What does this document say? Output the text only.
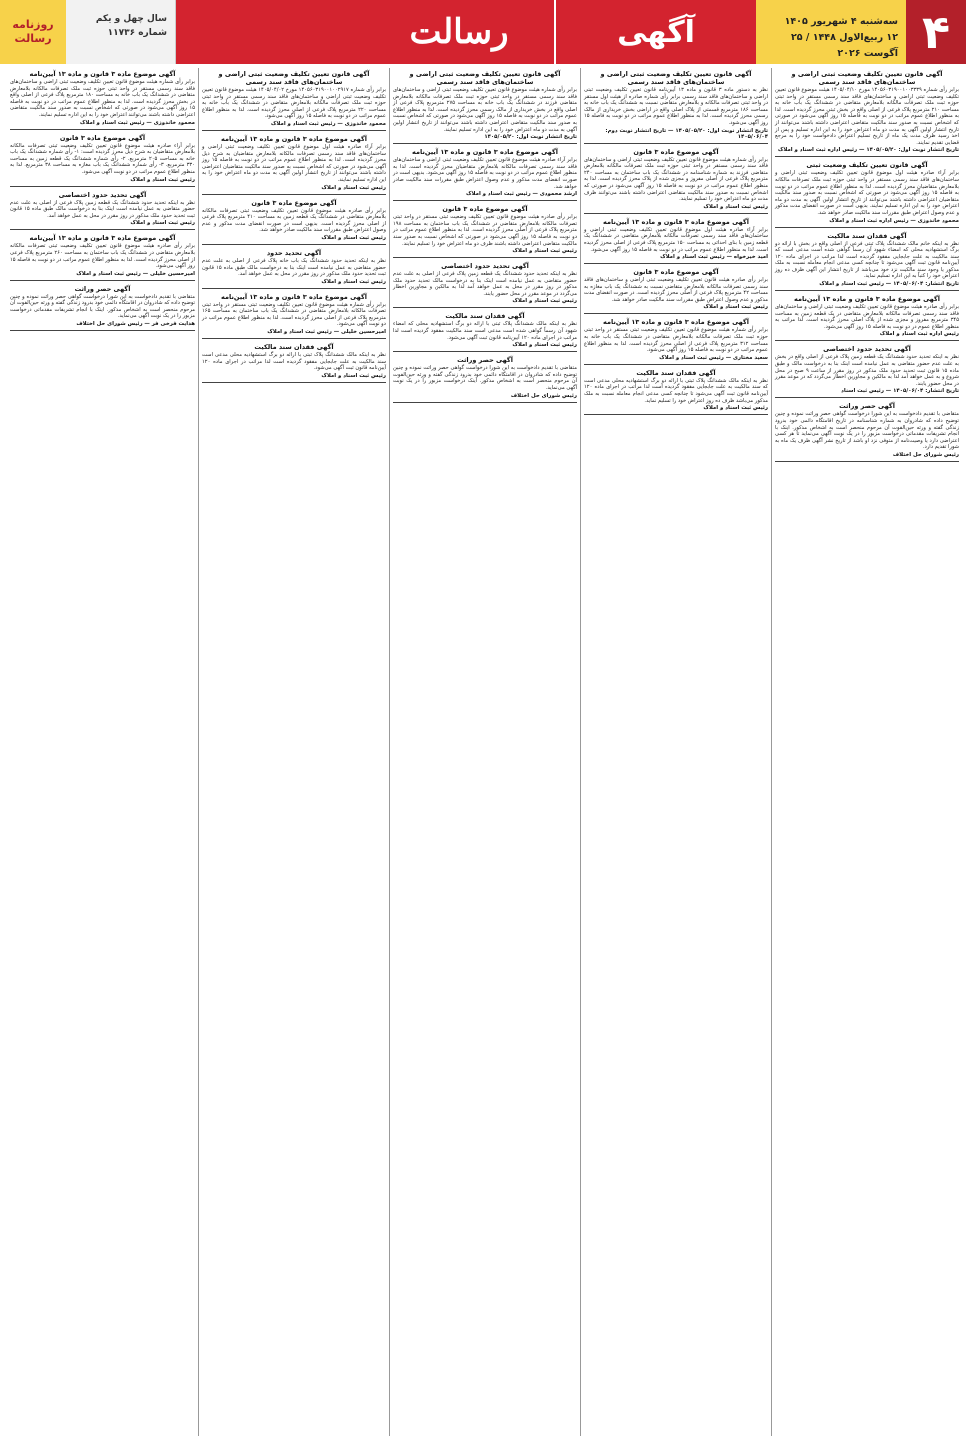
۴
سه‌شنبه ۴ شهریور ۱۴۰۵
۱۲ ربیع‌الاول ۱۴۴۸ / ۲۵ آگوست ۲۰۲۶
آگهی
رسالت
سال چهل و یکم
شماره ۱۱۷۳۶
روزنامه رسالت
آگهی قانون تعیین تکلیف وضعیت ثبتی اراضی و ساختمان‌های فاقد سند رسمی

برابر رأی شماره ۱۴۰۵۶۰۳۱۹۰۰۱۰۰۳۳۳۹ مورخ ۱۴۰۵/۰۴/۱۰ هیئت موضوع قانون تعیین تکلیف وضعیت ثبتی اراضی و ساختمان‌های فاقد سند رسمی مستقر در واحد ثبتی حوزه ثبت ملک تصرفات مالکانه بلامعارض متقاضی در ششدانگ یک باب خانه به مساحت ۲۱۰ مترمربع پلاک فرعی از اصلی واقع در بخش ثبتی محرز گردیده است. لذا به منظور اطلاع عموم مراتب در دو نوبت به فاصله ۱۵ روز آگهی می‌شود در صورتی که اشخاص نسبت به صدور سند مالکیت متقاضی اعتراضی داشته باشند می‌توانند از تاریخ انتشار اولین آگهی به مدت دو ماه اعتراض خود را به این اداره تسلیم و پس از اخذ رسید ظرف مدت یک ماه از تاریخ تسلیم اعتراض دادخواست خود را به مرجع قضایی تقدیم نمایند.

تاریخ انتشار نوبت اول: ۱۴۰۵/۰۵/۲۰ — رئیس اداره ثبت اسناد و املاک
آگهی قانون تعیین تکلیف وضعیت ثبتی

برابر آراء صادره هیئت اول موضوع قانون تعیین تکلیف وضعیت ثبتی اراضی و ساختمان‌های فاقد سند رسمی مستقر در واحد ثبتی حوزه ثبت ملک تصرفات مالکانه بلامعارض متقاضیان محرز گردیده است. لذا به منظور اطلاع عموم مراتب در دو نوبت به فاصله ۱۵ روز آگهی می‌شود در صورتی که اشخاص نسبت به صدور سند مالکیت متقاضیان اعتراضی داشته باشند می‌توانند از تاریخ انتشار اولین آگهی به مدت دو ماه اعتراض خود را به این اداره تسلیم نمایند. بدیهی است در صورت انقضای مدت مذکور و عدم وصول اعتراض طبق مقررات سند مالکیت صادر خواهد شد.

محمود خاندوزی — رئیس اداره ثبت اسناد و املاک
آگهی فقدان سند مالکیت

نظر به اینکه خانم مالک ششدانگ پلاک ثبتی فرعی از اصلی واقع در بخش با ارائه دو برگ استشهادیه محلی که امضاء شهود آن رسماً گواهی شده است مدعی است که سند مالکیت به علت جابجایی مفقود گردیده است لذا مراتب در اجرای ماده ۱۲۰ آیین‌نامه قانون ثبت آگهی می‌شود تا چنانچه کسی مدعی انجام معامله نسبت به ملک مذکور یا وجود سند مالکیت نزد خود می‌باشد از تاریخ انتشار این آگهی ظرف ده روز اعتراض خود را کتباً به این اداره تسلیم نماید.

تاریخ انتشار: ۱۴۰۵/۰۶/۰۴ — رئیس ثبت اسناد و املاک
آگهی موضوع ماده ۳ قانون و ماده ۱۳ آیین‌نامه

برابر رأی صادره هیئت موضوع قانون تعیین تکلیف وضعیت ثبتی اراضی و ساختمان‌های فاقد سند رسمی تصرفات مالکانه بلامعارض متقاضی در یک قطعه زمین به مساحت ۳۴۵ مترمربع مفروز و مجزی شده از پلاک اصلی محرز گردیده است. لذا مراتب به منظور اطلاع عموم در دو نوبت به فاصله ۱۵ روز آگهی می‌شود.

رئیس اداره ثبت اسناد و املاک
آگهی تحدید حدود اختصاصی

نظر به اینکه تحدید حدود ششدانگ یک قطعه زمین پلاک فرعی از اصلی واقع در بخش به علت عدم حضور متقاضی به عمل نیامده است اینک بنا به درخواست مالک و طبق ماده ۱۵ قانون ثبت تحدید حدود ملک مذکور در روز مقرر از ساعت ۹ صبح در محل شروع و به عمل خواهد آمد لذا به مالکین و مجاورین اخطار می‌گردد که در موعد مقرر در محل حضور یابند.

تاریخ انتشار: ۱۴۰۵/۰۶/۰۴ — رئیس ثبت اسناد
آگهی حصر وراثت

متقاضی با تقدیم دادخواست به این شورا درخواست گواهی حصر وراثت نموده و چنین توضیح داده که شادروان به شماره شناسنامه در تاریخ اقامتگاه دائمی خود بدرود زندگی گفته و ورثه حین‌الفوت آن مرحوم منحصر است به اشخاص مذکور. اینک با انجام تشریفات مقدماتی درخواست مزبور را در یک نوبت آگهی می‌نماید تا هر کسی اعتراضی دارد یا وصیت‌نامه از متوفی نزد او باشد از تاریخ نشر آگهی ظرف یک ماه به شورا تقدیم دارد.

رئیس شورای حل اختلاف
آگهی قانون تعیین تکلیف وضعیت ثبتی اراضی و ساختمان‌های فاقد سند رسمی

نظر به دستور ماده ۳ قانون و ماده ۱۳ آیین‌نامه قانون تعیین تکلیف وضعیت ثبتی اراضی و ساختمان‌های فاقد سند رسمی برابر رأی شماره صادره از هیئت اول مستقر در واحد ثبتی تصرفات مالکانه و بلامعارض متقاضی نسبت به ششدانگ یک باب خانه به مساحت ۱۸۶ مترمربع قسمتی از پلاک اصلی واقع در اراضی بخش خریداری از مالک رسمی محرز گردیده است. لذا به منظور اطلاع عموم مراتب در دو نوبت به فاصله ۱۵ روز آگهی می‌شود.

تاریخ انتشار نوبت اول: ۱۴۰۵/۰۵/۲۰ — تاریخ انتشار نوبت دوم: ۱۴۰۵/۰۶/۰۴
آگهی موضوع ماده ۳ قانون

برابر رأی شماره هیئت موضوع قانون تعیین تکلیف وضعیت ثبتی اراضی و ساختمان‌های فاقد سند رسمی مستقر در واحد ثبتی حوزه ثبت ملک تصرفات مالکانه بلامعارض متقاضی فرزند به شماره شناسنامه در ششدانگ یک باب ساختمان به مساحت ۲۴۰ مترمربع پلاک فرعی از اصلی مفروز و مجزی شده از پلاک محرز گردیده است. لذا به منظور اطلاع عموم مراتب در دو نوبت به فاصله ۱۵ روز آگهی می‌شود در صورتی که اشخاص نسبت به صدور سند مالکیت متقاضی اعتراضی داشته باشند می‌توانند ظرف مدت دو ماه اعتراض خود را تسلیم نمایند.

رئیس ثبت اسناد و املاک
آگهی موضوع ماده ۳ قانون و ماده ۱۳ آیین‌نامه

برابر آراء صادره هیئت اول موضوع قانون تعیین تکلیف وضعیت ثبتی اراضی و ساختمان‌های فاقد سند رسمی تصرفات مالکانه بلامعارض متقاضی در ششدانگ یک قطعه زمین با بنای احداثی به مساحت ۱۵۰ مترمربع پلاک فرعی از اصلی محرز گردیده است. لذا به منظور اطلاع عموم مراتب در دو نوبت به فاصله ۱۵ روز آگهی می‌شود.

امید خیرخواه — رئیس ثبت اسناد و املاک
آگهی موضوع ماده ۳ قانون

برابر رأی صادره هیئت قانون تعیین تکلیف وضعیت ثبتی اراضی و ساختمان‌های فاقد سند رسمی تصرفات مالکانه بلامعارض متقاضی نسبت به ششدانگ یک باب مغازه به مساحت ۴۲ مترمربع پلاک فرعی از اصلی محرز گردیده است. در صورت انقضای مدت مذکور و عدم وصول اعتراض طبق مقررات سند مالکیت صادر خواهد شد.

رئیس ثبت اسناد و املاک
آگهی موضوع ماده ۳ قانون و ماده ۱۳ آیین‌نامه

برابر رأی شماره هیئت موضوع قانون تعیین تکلیف وضعیت ثبتی مستقر در واحد ثبتی حوزه ثبت ملک تصرفات مالکانه بلامعارض متقاضی در ششدانگ یک باب خانه به مساحت ۳۱۲ مترمربع پلاک فرعی از اصلی محرز گردیده است. لذا به منظور اطلاع عموم مراتب در دو نوبت به فاصله ۱۵ روز آگهی می‌شود.

سعید مختاری — رئیس ثبت اسناد و املاک
آگهی فقدان سند مالکیت

نظر به اینکه مالک ششدانگ پلاک ثبتی با ارائه دو برگ استشهادیه محلی مدعی است که سند مالکیت به علت جابجایی مفقود گردیده است لذا مراتب در اجرای ماده ۱۲۰ آیین‌نامه قانون ثبت آگهی می‌شود تا چنانچه کسی مدعی انجام معامله نسبت به ملک مذکور می‌باشد ظرف ده روز اعتراض خود را تسلیم نماید.

رئیس ثبت اسناد و املاک
آگهی قانون تعیین تکلیف وضعیت ثبتی اراضی و ساختمان‌های فاقد سند رسمی

برابر رأی شماره هیئت موضوع قانون تعیین تکلیف وضعیت ثبتی اراضی و ساختمان‌های فاقد سند رسمی مستقر در واحد ثبتی حوزه ثبت ملک تصرفات مالکانه بلامعارض متقاضی فرزند در ششدانگ یک باب خانه به مساحت ۲۷۵ مترمربع پلاک فرعی از اصلی واقع در بخش خریداری از مالک رسمی محرز گردیده است. لذا به منظور اطلاع عموم مراتب در دو نوبت به فاصله ۱۵ روز آگهی می‌شود در صورتی که اشخاص نسبت به صدور سند مالکیت متقاضی اعتراضی داشته باشند می‌توانند از تاریخ انتشار اولین آگهی به مدت دو ماه اعتراض خود را به این اداره تسلیم نمایند.

تاریخ انتشار نوبت اول: ۱۴۰۵/۰۵/۲۰
آگهی موضوع ماده ۳ قانون و ماده ۱۳ آیین‌نامه

برابر آراء صادره هیئت موضوع قانون تعیین تکلیف وضعیت ثبتی اراضی و ساختمان‌های فاقد سند رسمی تصرفات مالکانه بلامعارض متقاضیان محرز گردیده است. لذا به منظور اطلاع عموم مراتب در دو نوبت به فاصله ۱۵ روز آگهی می‌شود. بدیهی است در صورت انقضای مدت مذکور و عدم وصول اعتراض طبق مقررات سند مالکیت صادر خواهد شد.

ارشد محمودی — رئیس ثبت اسناد و املاک
آگهی موضوع ماده ۳ قانون

برابر رأی صادره هیئت موضوع قانون تعیین تکلیف وضعیت ثبتی مستقر در واحد ثبتی تصرفات مالکانه بلامعارض متقاضی در ششدانگ یک باب ساختمان به مساحت ۱۹۸ مترمربع پلاک فرعی از اصلی محرز گردیده است. لذا به منظور اطلاع عموم مراتب در دو نوبت به فاصله ۱۵ روز آگهی می‌شود در صورتی که اشخاص نسبت به صدور سند مالکیت متقاضی اعتراضی داشته باشند ظرف دو ماه اعتراض خود را تسلیم نمایند.

رئیس ثبت اسناد و املاک
آگهی تحدید حدود اختصاصی

نظر به اینکه تحدید حدود ششدانگ یک قطعه زمین پلاک فرعی از اصلی به علت عدم حضور متقاضی به عمل نیامده است اینک بنا به درخواست مالک تحدید حدود ملک مذکور در روز مقرر در محل به عمل خواهد آمد لذا به مالکین و مجاورین اخطار می‌گردد در موعد مقرر در محل حضور یابند.

رئیس ثبت اسناد و املاک
آگهی فقدان سند مالکیت

نظر به اینکه مالک ششدانگ پلاک ثبتی با ارائه دو برگ استشهادیه محلی که امضاء شهود آن رسماً گواهی شده است مدعی است سند مالکیت مفقود گردیده است لذا مراتب در اجرای ماده ۱۲۰ آیین‌نامه قانون ثبت آگهی می‌شود.

رئیس ثبت اسناد و املاک
آگهی حصر وراثت

متقاضی با تقدیم دادخواست به این شورا درخواست گواهی حصر وراثت نموده و چنین توضیح داده که شادروان در اقامتگاه دائمی خود بدرود زندگی گفته و ورثه حین‌الفوت آن مرحوم منحصر است به اشخاص مذکور. اینک درخواست مزبور را در یک نوبت آگهی می‌نماید.

رئیس شورای حل اختلاف
آگهی قانون تعیین تکلیف وضعیت ثبتی اراضی و ساختمان‌های فاقد سند رسمی

برابر رأی شماره ۱۴۰۵۶۰۳۱۹۰۰۱۰۰۲۹۱۷ مورخ ۱۴۰۵/۰۴/۰۲ هیئت موضوع قانون تعیین تکلیف وضعیت ثبتی اراضی و ساختمان‌های فاقد سند رسمی مستقر در واحد ثبتی حوزه ثبت ملک تصرفات مالکانه بلامعارض متقاضی در ششدانگ یک باب خانه به مساحت ۲۲۰ مترمربع پلاک فرعی از اصلی محرز گردیده است. لذا به منظور اطلاع عموم مراتب در دو نوبت به فاصله ۱۵ روز آگهی می‌شود.

محمود خاندوزی — رئیس ثبت اسناد و املاک
آگهی موضوع ماده ۳ قانون و ماده ۱۳ آیین‌نامه

برابر آراء صادره هیئت اول موضوع قانون تعیین تکلیف وضعیت ثبتی اراضی و ساختمان‌های فاقد سند رسمی تصرفات مالکانه بلامعارض متقاضیان به شرح ذیل محرز گردیده است. لذا به منظور اطلاع عموم مراتب در دو نوبت به فاصله ۱۵ روز آگهی می‌شود در صورتی که اشخاص نسبت به صدور سند مالکیت متقاضیان اعتراضی داشته باشند می‌توانند از تاریخ انتشار اولین آگهی به مدت دو ماه اعتراض خود را به این اداره تسلیم نمایند.

رئیس ثبت اسناد و املاک
آگهی موضوع ماده ۳ قانون

برابر رأی صادره هیئت موضوع قانون تعیین تکلیف وضعیت ثبتی تصرفات مالکانه بلامعارض متقاضی در ششدانگ یک قطعه زمین به مساحت ۴۱۰ مترمربع پلاک فرعی از اصلی محرز گردیده است. بدیهی است در صورت انقضای مدت مذکور و عدم وصول اعتراض طبق مقررات سند مالکیت صادر خواهد شد.

رئیس ثبت اسناد و املاک
آگهی تحدید حدود

نظر به اینکه تحدید حدود ششدانگ یک باب خانه پلاک فرعی از اصلی به علت عدم حضور متقاضی به عمل نیامده است اینک بنا به درخواست مالک طبق ماده ۱۵ قانون ثبت تحدید حدود ملک مذکور در روز مقرر در محل به عمل خواهد آمد.

رئیس ثبت اسناد و املاک
آگهی موضوع ماده ۳ قانون و ماده ۱۳ آیین‌نامه

برابر رأی شماره هیئت موضوع قانون تعیین تکلیف وضعیت ثبتی مستقر در واحد ثبتی تصرفات مالکانه بلامعارض متقاضی در ششدانگ یک باب ساختمان به مساحت ۱۶۵ مترمربع پلاک فرعی از اصلی محرز گردیده است. لذا به منظور اطلاع عموم مراتب در دو نوبت آگهی می‌شود.

امیرحسین خلیلی — رئیس ثبت اسناد و املاک
آگهی فقدان سند مالکیت

نظر به اینکه مالک ششدانگ پلاک ثبتی با ارائه دو برگ استشهادیه محلی مدعی است سند مالکیت به علت جابجایی مفقود گردیده است لذا مراتب در اجرای ماده ۱۲۰ آیین‌نامه قانون ثبت آگهی می‌شود.

رئیس ثبت اسناد و املاک
آگهی موضوع ماده ۳ قانون و ماده ۱۳ آیین‌نامه

برابر رأی شماره هیئت موضوع قانون تعیین تکلیف وضعیت ثبتی اراضی و ساختمان‌های فاقد سند رسمی مستقر در واحد ثبتی حوزه ثبت ملک تصرفات مالکانه بلامعارض متقاضی در ششدانگ یک باب خانه به مساحت ۱۸۰ مترمربع پلاک فرعی از اصلی واقع در بخش محرز گردیده است. لذا به منظور اطلاع عموم مراتب در دو نوبت به فاصله ۱۵ روز آگهی می‌شود در صورتی که اشخاص نسبت به صدور سند مالکیت متقاضی اعتراضی داشته باشند می‌توانند اعتراض خود را به این اداره تسلیم نمایند.

محمود خاندوزی — رئیس ثبت اسناد و املاک
آگهی موضوع ماده ۳ قانون

برابر آراء صادره هیئت موضوع قانون تعیین تکلیف وضعیت ثبتی تصرفات مالکانه بلامعارض متقاضیان به شرح ذیل محرز گردیده است: ۱- رأی شماره ششدانگ یک باب خانه به مساحت ۲۰۵ مترمربع. ۲- رأی شماره ششدانگ یک قطعه زمین به مساحت ۳۳۰ مترمربع. ۳- رأی شماره ششدانگ یک باب مغازه به مساحت ۳۸ مترمربع. لذا به منظور اطلاع عموم مراتب در دو نوبت آگهی می‌شود.

رئیس ثبت اسناد و املاک
آگهی تحدید حدود اختصاصی

نظر به اینکه تحدید حدود ششدانگ یک قطعه زمین پلاک فرعی از اصلی به علت عدم حضور متقاضی به عمل نیامده است اینک بنا به درخواست مالک طبق ماده ۱۵ قانون ثبت تحدید حدود ملک مذکور در روز مقرر در محل به عمل خواهد آمد.

رئیس ثبت اسناد و املاک
آگهی موضوع ماده ۳ قانون و ماده ۱۳ آیین‌نامه

برابر رأی صادره هیئت موضوع قانون تعیین تکلیف وضعیت ثبتی تصرفات مالکانه بلامعارض متقاضی در ششدانگ یک باب ساختمان به مساحت ۲۶۰ مترمربع پلاک فرعی از اصلی محرز گردیده است. لذا به منظور اطلاع عموم مراتب در دو نوبت به فاصله ۱۵ روز آگهی می‌شود.

امیرحسین خلیلی — رئیس ثبت اسناد و املاک
آگهی حصر وراثت

متقاضی با تقدیم دادخواست به این شورا درخواست گواهی حصر وراثت نموده و چنین توضیح داده که شادروان در اقامتگاه دائمی خود بدرود زندگی گفته و ورثه حین‌الفوت آن مرحوم منحصر است به اشخاص مذکور. اینک با انجام تشریفات مقدماتی درخواست مزبور را در یک نوبت آگهی می‌نماید.

هدایت فرخی فر — رئیس شورای حل اختلاف
